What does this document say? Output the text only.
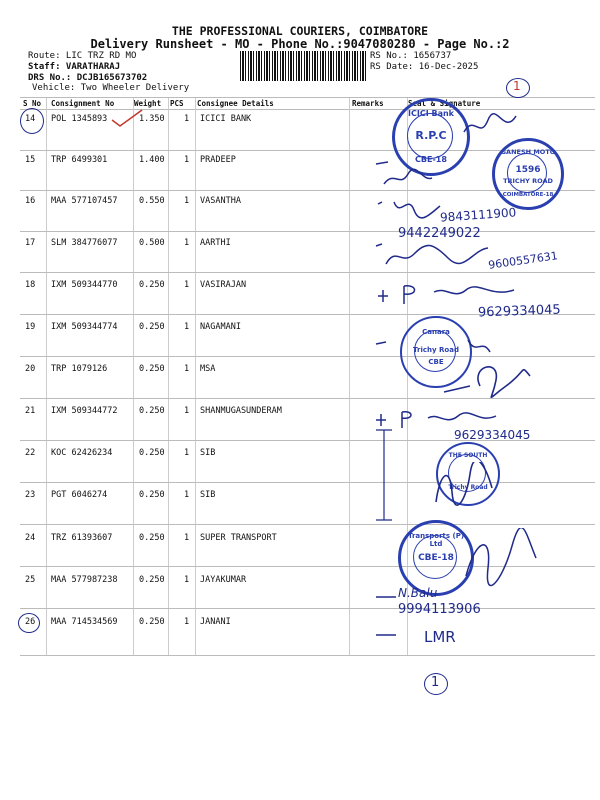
THE PROFESSIONAL COURIERS, COIMBATORE
Delivery Runsheet - MO - Phone No.:9047080280 - Page No.:2
Route: LIC TRZ RD MO
Staff: VARATHARAJ
DRS No.: DCJB165673702
RS No.: 1656737
RS Date: 16-Dec-2025
Vehicle: Two Wheeler Delivery
S No Consignment No	Weight PCS Consignee Details	Remarks	Seal & Signature
14 POL 1345893	1.350 1 ICICI BANK
15 TRP 6499301	1.400 1 PRADEEP
16 MAA 577107457	0.550 1 VASANTHA
17 SLM 384776077	0.500 1 AARTHI
18 IXM 509344770	0.250 1 VASIRAJAN
19 IXM 509344774	0.250 1 NAGAMANI
20 TRP 1079126	0.250 1 MSA
21 IXM 509344772	0.250 1 SHANMUGASUNDERAM
22 KOC 62426234	0.250 1 SIB
23 PGT 6046274	0.250 1 SIB
24 TRZ 61393607	0.250 1 SUPER TRANSPORT
25 MAA 577987238	0.250 1 JAYAKUMAR
26 MAA 714534569	0.250 1 JANANI
1
ICICI Bank
R.P.C
CBE-18
GANESH MOTO
1596
TRICHY ROAD
COIMBATORE-18
Canara
Trichy Road
CBE
THE SOUTH
Trichy Road
Transports (P) Ltd
CBE-18
9843111900
9442249022
9600557631
9629334045
9629334045
N.Balu
9994113906
LMR
1
